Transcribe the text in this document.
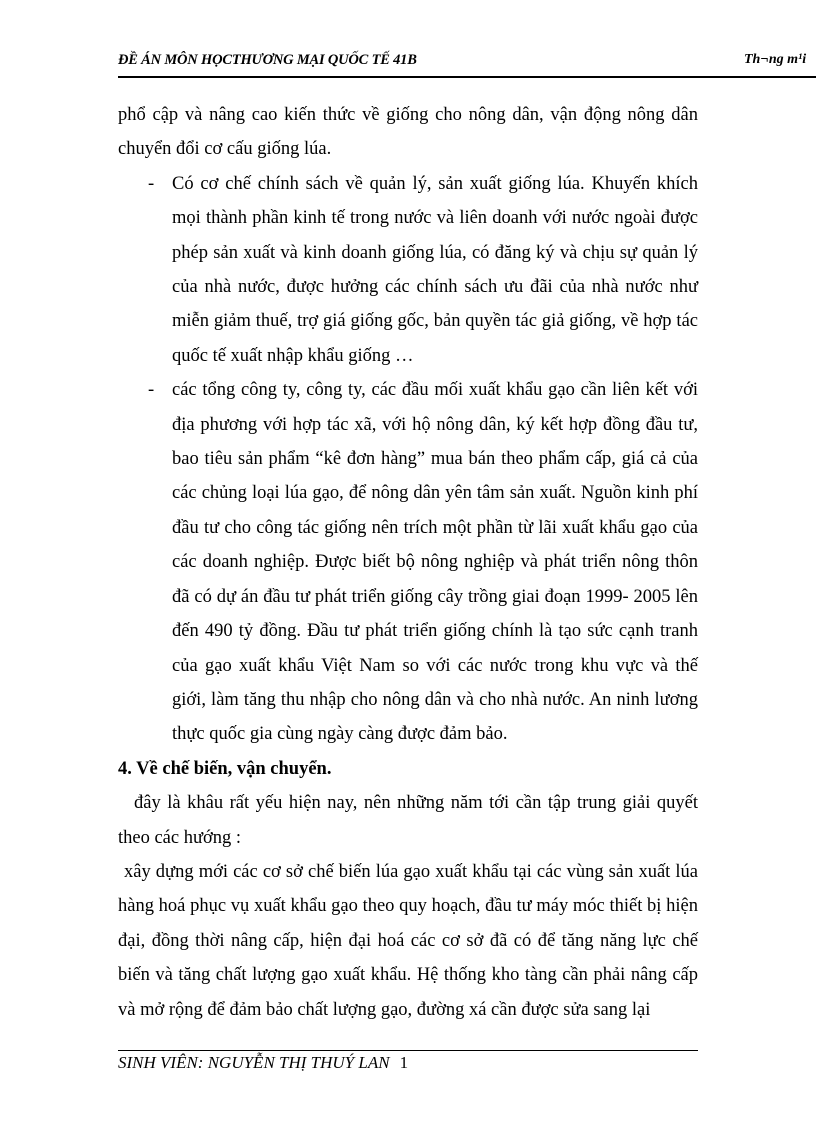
ĐỀ ÁN MÔN HỌCTHƯƠNG MẠI QUỐC TẾ 41B	Th¬ng m¹i

phổ cập và nâng cao kiến thức về giống cho nông dân, vận động nông dân chuyển đổi cơ cấu giống lúa.

- Có cơ chế chính sách về quản lý, sản xuất giống lúa. Khuyến khích mọi thành phần kinh tế trong nước và liên doanh với nước ngoài được phép sản xuất và kinh doanh giống lúa, có đăng ký và chịu sự quản lý của nhà nước, được hưởng các chính sách ưu đãi của nhà nước như miễn giảm thuế, trợ giá giống gốc, bản quyền tác giả giống, về hợp tác quốc tế xuất nhập khẩu giống …
- các tổng công ty, công ty, các đầu mối xuất khẩu gạo cần liên kết với địa phương với hợp tác xã, với hộ nông dân, ký kết hợp đồng đầu tư, bao tiêu sản phẩm “kê đơn hàng” mua bán theo phẩm cấp, giá cả của các chủng loại lúa gạo, để nông dân yên tâm sản xuất. Nguồn kinh phí đầu tư cho công tác giống nên trích một phần từ lãi xuất khẩu gạo của các doanh nghiệp. Được biết bộ nông nghiệp và phát triển nông thôn đã có dự án đầu tư phát triển giống cây trồng giai đoạn 1999- 2005 lên đến 490 tỷ đồng. Đầu tư phát triển giống chính là tạo sức cạnh tranh của gạo xuất khẩu Việt Nam so với các nước trong khu vực và thế giới, làm tăng thu nhập cho nông dân và cho nhà nước. An ninh lương thực quốc gia cùng ngày càng được đảm bảo.

4. Về chế biến, vận chuyển.

đây là khâu rất yếu hiện nay, nên những năm tới cần tập trung giải quyết theo các hướng :

xây dựng mới các cơ sở chế biến lúa gạo xuất khẩu tại các vùng sản xuất lúa hàng hoá phục vụ xuất khẩu gạo theo quy hoạch, đầu tư máy móc thiết bị hiện đại, đồng thời nâng cấp, hiện đại hoá các cơ sở đã có để tăng năng lực chế biến và tăng chất lượng gạo xuất khẩu. Hệ thống kho tàng cần phải nâng cấp và mở rộng để đảm bảo chất lượng gạo, đường xá cần được sửa sang lại

SINH VIÊN: NGUYỄN THỊ THUÝ LAN 1
